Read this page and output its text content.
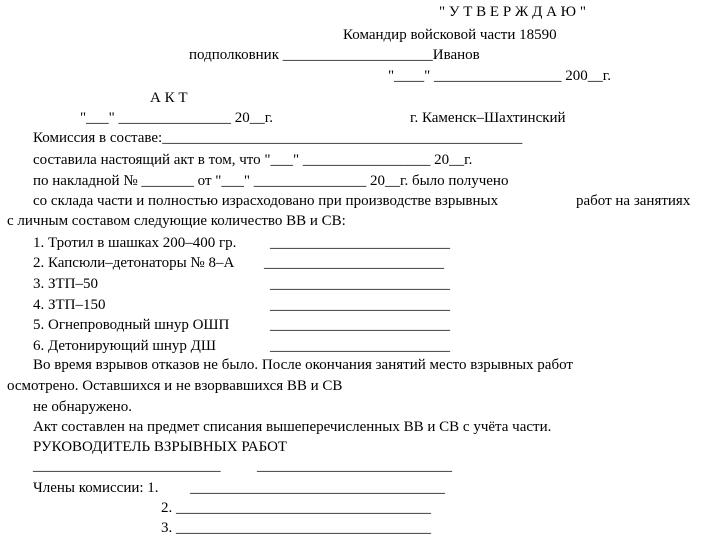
" У Т В Е Р Ж Д А Ю "
Командир войсковой части 18590
подполковник ____________________Иванов
"____" _________________ 200__г.
А К Т
"___" _______________ 20__г.	г. Каменск–Шахтинский
Комиссия в составе:________________________________________________
составила настоящий акт в том, что "___" _________________ 20__г.
по накладной № _______ от "___" _______________ 20__г. было получено
со склада части и полностью израсходовано при производстве взрывных	работ на занятиях
с личным составом следующие количество ВВ и СВ:
1. Тротил в шашках 200–400 гр. ________________________
2. Капсюли–детонаторы № 8–А ________________________
3. ЗТП–50	________________________
4. ЗТП–150	________________________
5. Огнепроводный шнур ОШП	________________________
6. Детонирующий шнур ДШ	________________________
Во время взрывов отказов не было. После окончания занятий место взрывных работ
осмотрено. Оставшихся и не взорвавшихся ВВ и СВ
не обнаружено.
Акт составлен на предмет списания вышеперечисленных ВВ и СВ с учёта части.
РУКОВОДИТЕЛЬ ВЗРЫВНЫХ РАБОТ
_________________________ __________________________
Члены комиссии: 1. __________________________________
2. __________________________________
3. __________________________________
